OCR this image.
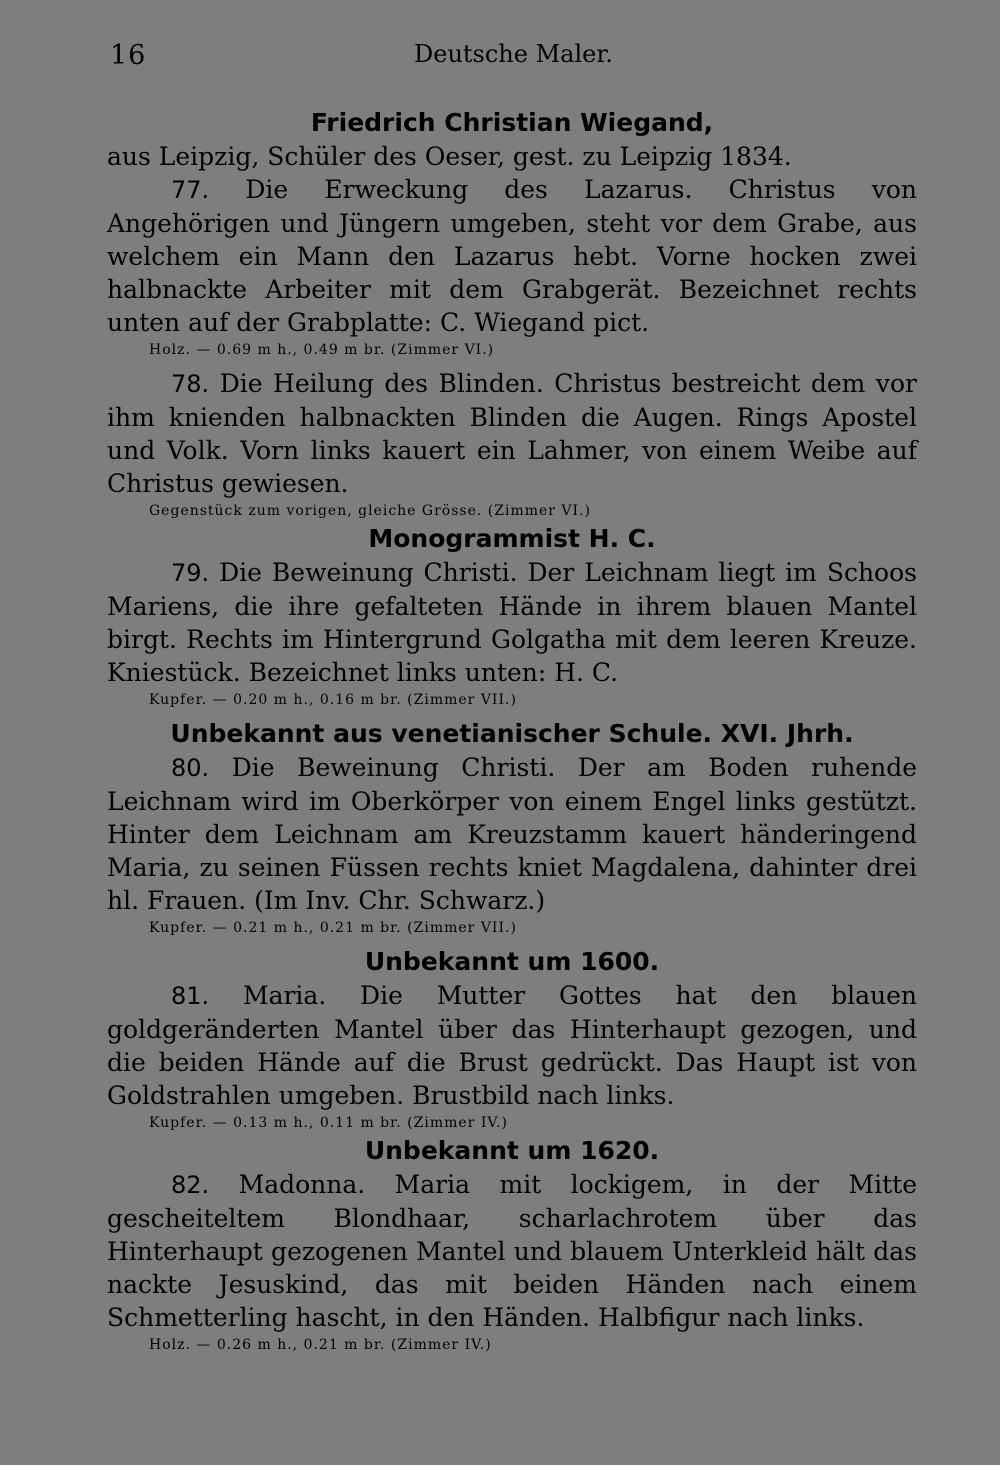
16	Deutsche Maler.

Friedrich Christian Wiegand,

aus Leipzig, Schüler des Oeser, gest. zu Leipzig 1834.

77. Die Erweckung des Lazarus. Christus von Angehörigen und Jüngern umgeben, steht vor dem Grabe, aus welchem ein Mann den Lazarus hebt. Vorne hocken zwei halbnackte Arbeiter mit dem Grabgerät. Bezeichnet rechts unten auf der Grabplatte: C. Wiegand pict.

Holz. — 0.69 m h., 0.49 m br. (Zimmer VI.)

78. Die Heilung des Blinden. Christus bestreicht dem vor ihm knienden halbnackten Blinden die Augen. Rings Apostel und Volk. Vorn links kauert ein Lahmer, von einem Weibe auf Christus gewiesen.

Gegenstück zum vorigen, gleiche Grösse. (Zimmer VI.)

Monogrammist H. C.

79. Die Beweinung Christi. Der Leichnam liegt im Schoos Mariens, die ihre gefalteten Hände in ihrem blauen Mantel birgt. Rechts im Hintergrund Golgatha mit dem leeren Kreuze. Kniestück. Bezeichnet links unten: H. C.

Kupfer. — 0.20 m h., 0.16 m br. (Zimmer VII.)

Unbekannt aus venetianischer Schule. XVI. Jhrh.

80. Die Beweinung Christi. Der am Boden ruhende Leichnam wird im Oberkörper von einem Engel links gestützt. Hinter dem Leichnam am Kreuzstamm kauert händeringend Maria, zu seinen Füssen rechts kniet Magdalena, dahinter drei hl. Frauen. (Im Inv. Chr. Schwarz.)

Kupfer. — 0.21 m h., 0.21 m br. (Zimmer VII.)

Unbekannt um 1600.

81. Maria. Die Mutter Gottes hat den blauen goldgeränderten Mantel über das Hinterhaupt gezogen, und die beiden Hände auf die Brust gedrückt. Das Haupt ist von Goldstrahlen umgeben. Brustbild nach links.

Kupfer. — 0.13 m h., 0.11 m br. (Zimmer IV.)

Unbekannt um 1620.

82. Madonna. Maria mit lockigem, in der Mitte gescheiteltem Blondhaar, scharlachrotem über das Hinterhaupt gezogenen Mantel und blauem Unterkleid hält das nackte Jesuskind, das mit beiden Händen nach einem Schmetterling hascht, in den Händen. Halbfigur nach links.

Holz. — 0.26 m h., 0.21 m br. (Zimmer IV.)
